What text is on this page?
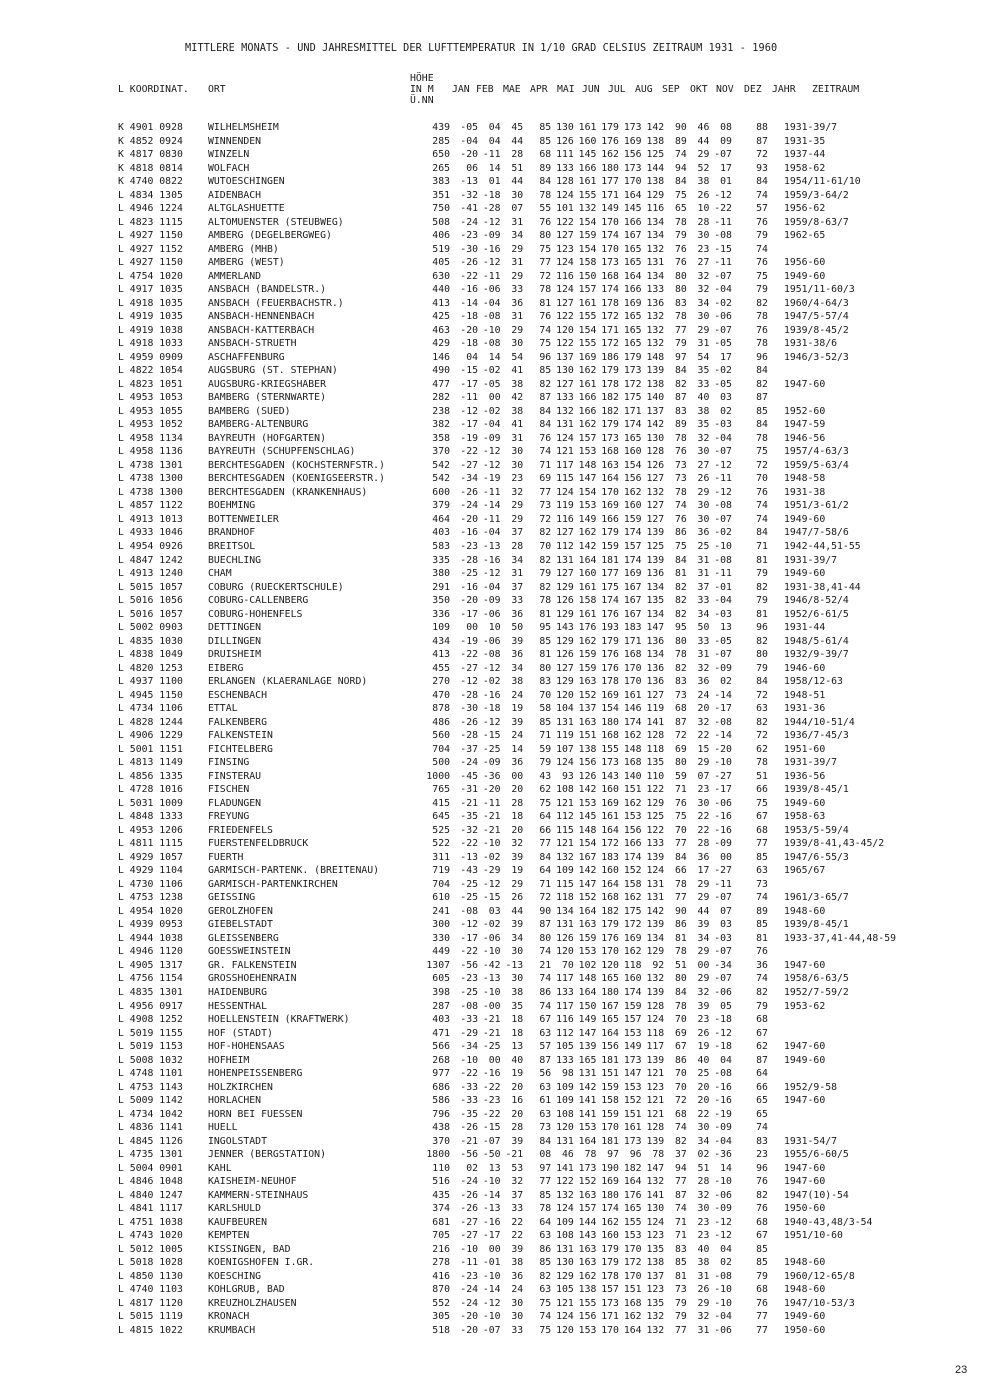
MITTLERE MONATS - UND JAHRESMITTEL DER LUFTTEMPERATUR IN 1/10 GRAD CELSIUS ZEITRAUM 1931 - 1960
L KOORDINAT. ORT
HÖHE
IN M
Ü.NN
JAN FEB MAE APR MAI JUN JUL AUG SEP OKT NOV DEZ JAHR ZEITRAUM
K 4901 0928	WILHELMSHEIM	439	-05	04	45	85	130	161	179	173	142	90	46	08	88	1931-39/7
K 4852 0924	WINNENDEN	285	-04	04	44	85	126	160	176	169	138	89	44	09	87	1931-35
K 4817 0830	WINZELN	650	-20	-11	28	68	111	145	162	156	125	74	29	-07	72	1937-44
K 4818 0814	WOLFACH	265	06	14	51	89	133	166	180	173	144	94	52	17	93	1958-62
K 4740 0822	WUTOESCHINGEN	383	-13	01	44	84	128	161	177	170	138	84	38	01	84	1954/11-61/10
L 4834 1305	AIDENBACH	351	-32	-18	30	78	124	155	171	164	129	75	26	-12	74	1959/3-64/2
L 4946 1224	ALTGLASHUETTE	750	-41	-28	07	55	101	132	149	145	116	65	10	-22	57	1956-62
L 4823 1115	ALTOMUENSTER (STEUBWEG)	508	-24	-12	31	76	122	154	170	166	134	78	28	-11	76	1959/8-63/7
L 4927 1150	AMBERG (DEGELBERGWEG)	406	-23	-09	34	80	127	159	174	167	134	79	30	-08	79	1962-65
L 4927 1152	AMBERG (MHB)	519	-30	-16	29	75	123	154	170	165	132	76	23	-15	74	
L 4927 1150	AMBERG (WEST)	405	-26	-12	31	77	124	158	173	165	131	76	27	-11	76	1956-60
L 4754 1020	AMMERLAND	630	-22	-11	29	72	116	150	168	164	134	80	32	-07	75	1949-60
L 4917 1035	ANSBACH (BANDELSTR.)	440	-16	-06	33	78	124	157	174	166	133	80	32	-04	79	1951/11-60/3
L 4918 1035	ANSBACH (FEUERBACHSTR.)	413	-14	-04	36	81	127	161	178	169	136	83	34	-02	82	1960/4-64/3
L 4919 1035	ANSBACH-HENNENBACH	425	-18	-08	31	76	122	155	172	165	132	78	30	-06	78	1947/5-57/4
L 4919 1038	ANSBACH-KATTERBACH	463	-20	-10	29	74	120	154	171	165	132	77	29	-07	76	1939/8-45/2
L 4918 1033	ANSBACH-STRUETH	429	-18	-08	30	75	122	155	172	165	132	79	31	-05	78	1931-38/6
L 4959 0909	ASCHAFFENBURG	146	04	14	54	96	137	169	186	179	148	97	54	17	96	1946/3-52/3
L 4822 1054	AUGSBURG (ST. STEPHAN)	490	-15	-02	41	85	130	162	179	173	139	84	35	-02	84	
L 4823 1051	AUGSBURG-KRIEGSHABER	477	-17	-05	38	82	127	161	178	172	138	82	33	-05	82	1947-60
L 4953 1053	BAMBERG (STERNWARTE)	282	-11	00	42	87	133	166	182	175	140	87	40	03	87	
L 4953 1055	BAMBERG (SUED)	238	-12	-02	38	84	132	166	182	171	137	83	38	02	85	1952-60
L 4953 1052	BAMBERG-ALTENBURG	382	-17	-04	41	84	131	162	179	174	142	89	35	-03	84	1947-59
L 4958 1134	BAYREUTH (HOFGARTEN)	358	-19	-09	31	76	124	157	173	165	130	78	32	-04	78	1946-56
L 4958 1136	BAYREUTH (SCHUPFENSCHLAG)	370	-22	-12	30	74	121	153	168	160	128	76	30	-07	75	1957/4-63/3
L 4738 1301	BERCHTESGADEN (KOCHSTERNFSTR.)	542	-27	-12	30	71	117	148	163	154	126	73	27	-12	72	1959/5-63/4
L 4738 1300	BERCHTESGADEN (KOENIGSEERSTR.)	542	-34	-19	23	69	115	147	164	156	127	73	26	-11	70	1948-58
L 4738 1300	BERCHTESGADEN (KRANKENHAUS)	600	-26	-11	32	77	124	154	170	162	132	78	29	-12	76	1931-38
L 4857 1122	BOEHMING	379	-24	-14	29	73	119	153	169	160	127	74	30	-08	74	1951/3-61/2
L 4913 1013	BOTTENWEILER	464	-20	-11	29	72	116	149	166	159	127	76	30	-07	74	1949-60
L 4933 1046	BRANDHOF	403	-16	-04	37	82	127	162	179	174	139	86	36	-02	84	1947/7-58/6
L 4954 0926	BREITSOL	583	-23	-13	28	70	112	142	159	157	125	75	25	-10	71	1942-44,51-55
L 4847 1242	BUECHLING	335	-28	-16	34	82	131	164	181	174	139	84	31	-08	81	1931-39/7
L 4913 1240	CHAM	380	-25	-12	31	79	127	160	177	169	136	81	31	-11	79	1949-60
L 5015 1057	COBURG (RUECKERTSCHULE)	291	-16	-04	37	82	129	161	175	167	134	82	37	-01	82	1931-38,41-44
L 5016 1056	COBURG-CALLENBERG	350	-20	-09	33	78	126	158	174	167	135	82	33	-04	79	1946/8-52/4
L 5016 1057	COBURG-HOHENFELS	336	-17	-06	36	81	129	161	176	167	134	82	34	-03	81	1952/6-61/5
L 5002 0903	DETTINGEN	109	00	10	50	95	143	176	193	183	147	95	50	13	96	1931-44
L 4835 1030	DILLINGEN	434	-19	-06	39	85	129	162	179	171	136	80	33	-05	82	1948/5-61/4
L 4838 1049	DRUISHEIM	413	-22	-08	36	81	126	159	176	168	134	78	31	-07	80	1932/9-39/7
L 4820 1253	EIBERG	455	-27	-12	34	80	127	159	176	170	136	82	32	-09	79	1946-60
L 4937 1100	ERLANGEN (KLAERANLAGE NORD)	270	-12	-02	38	83	129	163	178	170	136	83	36	02	84	1958/12-63
L 4945 1150	ESCHENBACH	470	-28	-16	24	70	120	152	169	161	127	73	24	-14	72	1948-51
L 4734 1106	ETTAL	878	-30	-18	19	58	104	137	154	146	119	68	20	-17	63	1931-36
L 4828 1244	FALKENBERG	486	-26	-12	39	85	131	163	180	174	141	87	32	-08	82	1944/10-51/4
L 4906 1229	FALKENSTEIN	560	-28	-15	24	71	119	151	168	162	128	72	22	-14	72	1936/7-45/3
L 5001 1151	FICHTELBERG	704	-37	-25	14	59	107	138	155	148	118	69	15	-20	62	1951-60
L 4813 1149	FINSING	500	-24	-09	36	79	124	156	173	168	135	80	29	-10	78	1931-39/7
L 4856 1335	FINSTERAU	1000	-45	-36	00	43	93	126	143	140	110	59	07	-27	51	1936-56
L 4728 1016	FISCHEN	765	-31	-20	20	62	108	142	160	151	122	71	23	-17	66	1939/8-45/1
L 5031 1009	FLADUNGEN	415	-21	-11	28	75	121	153	169	162	129	76	30	-06	75	1949-60
L 4848 1333	FREYUNG	645	-35	-21	18	64	112	145	161	153	125	75	22	-16	67	1958-63
L 4953 1206	FRIEDENFELS	525	-32	-21	20	66	115	148	164	156	122	70	22	-16	68	1953/5-59/4
L 4811 1115	FUERSTENFELDBRUCK	522	-22	-10	32	77	121	154	172	166	133	77	28	-09	77	1939/8-41,43-45/2
L 4929 1057	FUERTH	311	-13	-02	39	84	132	167	183	174	139	84	36	00	85	1947/6-55/3
L 4929 1104	GARMISCH-PARTENK. (BREITENAU)	719	-43	-29	19	64	109	142	160	152	124	66	17	-27	63	1965/67
L 4730 1106	GARMISCH-PARTENKIRCHEN	704	-25	-12	29	71	115	147	164	158	131	78	29	-11	73	
L 4753 1238	GEISSING	610	-25	-15	26	72	118	152	168	162	131	77	29	-07	74	1961/3-65/7
L 4954 1020	GEROLZHOFEN	241	-08	03	44	90	134	164	182	175	142	90	44	07	89	1948-60
L 4939 0953	GIEBELSTADT	300	-12	-02	39	87	131	163	179	172	139	86	39	03	85	1939/8-45/1
L 4944 1038	GLEISSENBERG	330	-17	-06	34	80	126	159	176	169	134	81	34	-03	81	1933-37,41-44,48-59
L 4946 1120	GOESSWEINSTEIN	449	-22	-10	30	74	120	153	170	162	129	78	29	-07	76	
L 4905 1317	GR. FALKENSTEIN	1307	-56	-42	-13	21	70	102	120	118	92	51	00	-34	36	1947-60
L 4756 1154	GROSSHOEHENRAIN	605	-23	-13	30	74	117	148	165	160	132	80	29	-07	74	1958/6-63/5
L 4835 1301	HAIDENBURG	398	-25	-10	38	86	133	164	180	174	139	84	32	-06	82	1952/7-59/2
L 4956 0917	HESSENTHAL	287	-08	-00	35	74	117	150	167	159	128	78	39	05	79	1953-62
L 4908 1252	HOELLENSTEIN (KRAFTWERK)	403	-33	-21	18	67	116	149	165	157	124	70	23	-18	68	
L 5019 1155	HOF (STADT)	471	-29	-21	18	63	112	147	164	153	118	69	26	-12	67	
L 5019 1153	HOF-HOHENSAAS	566	-34	-25	13	57	105	139	156	149	117	67	19	-18	62	1947-60
L 5008 1032	HOFHEIM	268	-10	00	40	87	133	165	181	173	139	86	40	04	87	1949-60
L 4748 1101	HOHENPEISSENBERG	977	-22	-16	19	56	98	131	151	147	121	70	25	-08	64	
L 4753 1143	HOLZKIRCHEN	686	-33	-22	20	63	109	142	159	153	123	70	20	-16	66	1952/9-58
L 5009 1142	HORLACHEN	586	-33	-23	16	61	109	141	158	152	121	72	20	-16	65	1947-60
L 4734 1042	HORN BEI FUESSEN	796	-35	-22	20	63	108	141	159	151	121	68	22	-19	65	
L 4836 1141	HUELL	438	-26	-15	28	73	120	153	170	161	128	74	30	-09	74	
L 4845 1126	INGOLSTADT	370	-21	-07	39	84	131	164	181	173	139	82	34	-04	83	1931-54/7
L 4735 1301	JENNER (BERGSTATION)	1800	-56	-50	-21	08	46	78	97	96	78	37	02	-36	23	1955/6-60/5
L 5004 0901	KAHL	110	02	13	53	97	141	173	190	182	147	94	51	14	96	1947-60
L 4846 1048	KAISHEIM-NEUHOF	516	-24	-10	32	77	122	152	169	164	132	77	28	-10	76	1947-60
L 4840 1247	KAMMERN-STEINHAUS	435	-26	-14	37	85	132	163	180	176	141	87	32	-06	82	1947(10)-54
L 4841 1117	KARLSHULD	374	-26	-13	33	78	124	157	174	165	130	74	30	-09	76	1950-60
L 4751 1038	KAUFBEUREN	681	-27	-16	22	64	109	144	162	155	124	71	23	-12	68	1940-43,48/3-54
L 4743 1020	KEMPTEN	705	-27	-17	22	63	108	143	160	153	123	71	23	-12	67	1951/10-60
L 5012 1005	KISSINGEN, BAD	216	-10	00	39	86	131	163	179	170	135	83	40	04	85	
L 5018 1028	KOENIGSHOFEN I.GR.	278	-11	-01	38	85	130	163	179	172	138	85	38	02	85	1948-60
L 4850 1130	KOESCHING	416	-23	-10	36	82	129	162	178	170	137	81	31	-08	79	1960/12-65/8
L 4740 1103	KOHLGRUB, BAD	870	-24	-14	24	63	105	138	157	151	123	73	26	-10	68	1948-60
L 4817 1120	KREUZHOLZHAUSEN	552	-24	-12	30	75	121	155	173	168	135	79	29	-10	76	1947/10-53/3
L 5015 1119	KRONACH	305	-20	-10	30	74	124	156	171	162	132	79	32	-04	77	1949-60
L 4815 1022	KRUMBACH	518	-20	-07	33	75	120	153	170	164	132	77	31	-06	77	1950-60
23
